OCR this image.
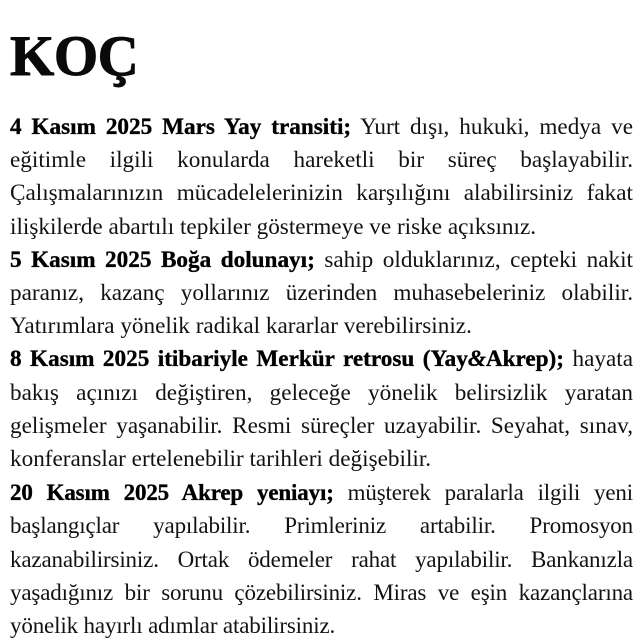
KOÇ

4 Kasım 2025 Mars Yay transiti; Yurt dışı, hukuki, medya ve eğitimle ilgili konularda hareketli bir süreç başlayabilir. Çalışmalarınızın mücadelelerinizin karşılığını alabilirsiniz fakat ilişkilerde abartılı tepkiler göstermeye ve riske açıksınız.

5 Kasım 2025 Boğa dolunayı; sahip olduklarınız, cepteki nakit paranız, kazanç yollarınız üzerinden muhasebeleriniz olabilir. Yatırımlara yönelik radikal kararlar verebilirsiniz.

8 Kasım 2025 itibariyle Merkür retrosu (Yay&Akrep); hayata bakış açınızı değiştiren, geleceğe yönelik belirsizlik yaratan gelişmeler yaşanabilir. Resmi süreçler uzayabilir. Seyahat, sınav, konferanslar ertelenebilir tarihleri değişebilir.

20 Kasım 2025 Akrep yeniayı; müşterek paralarla ilgili yeni başlangıçlar yapılabilir. Primleriniz artabilir. Promosyon kazanabilirsiniz. Ortak ödemeler rahat yapılabilir. Bankanızla yaşadığınız bir sorunu çözebilirsiniz. Miras ve eşin kazançlarına yönelik hayırlı adımlar atabilirsiniz.
